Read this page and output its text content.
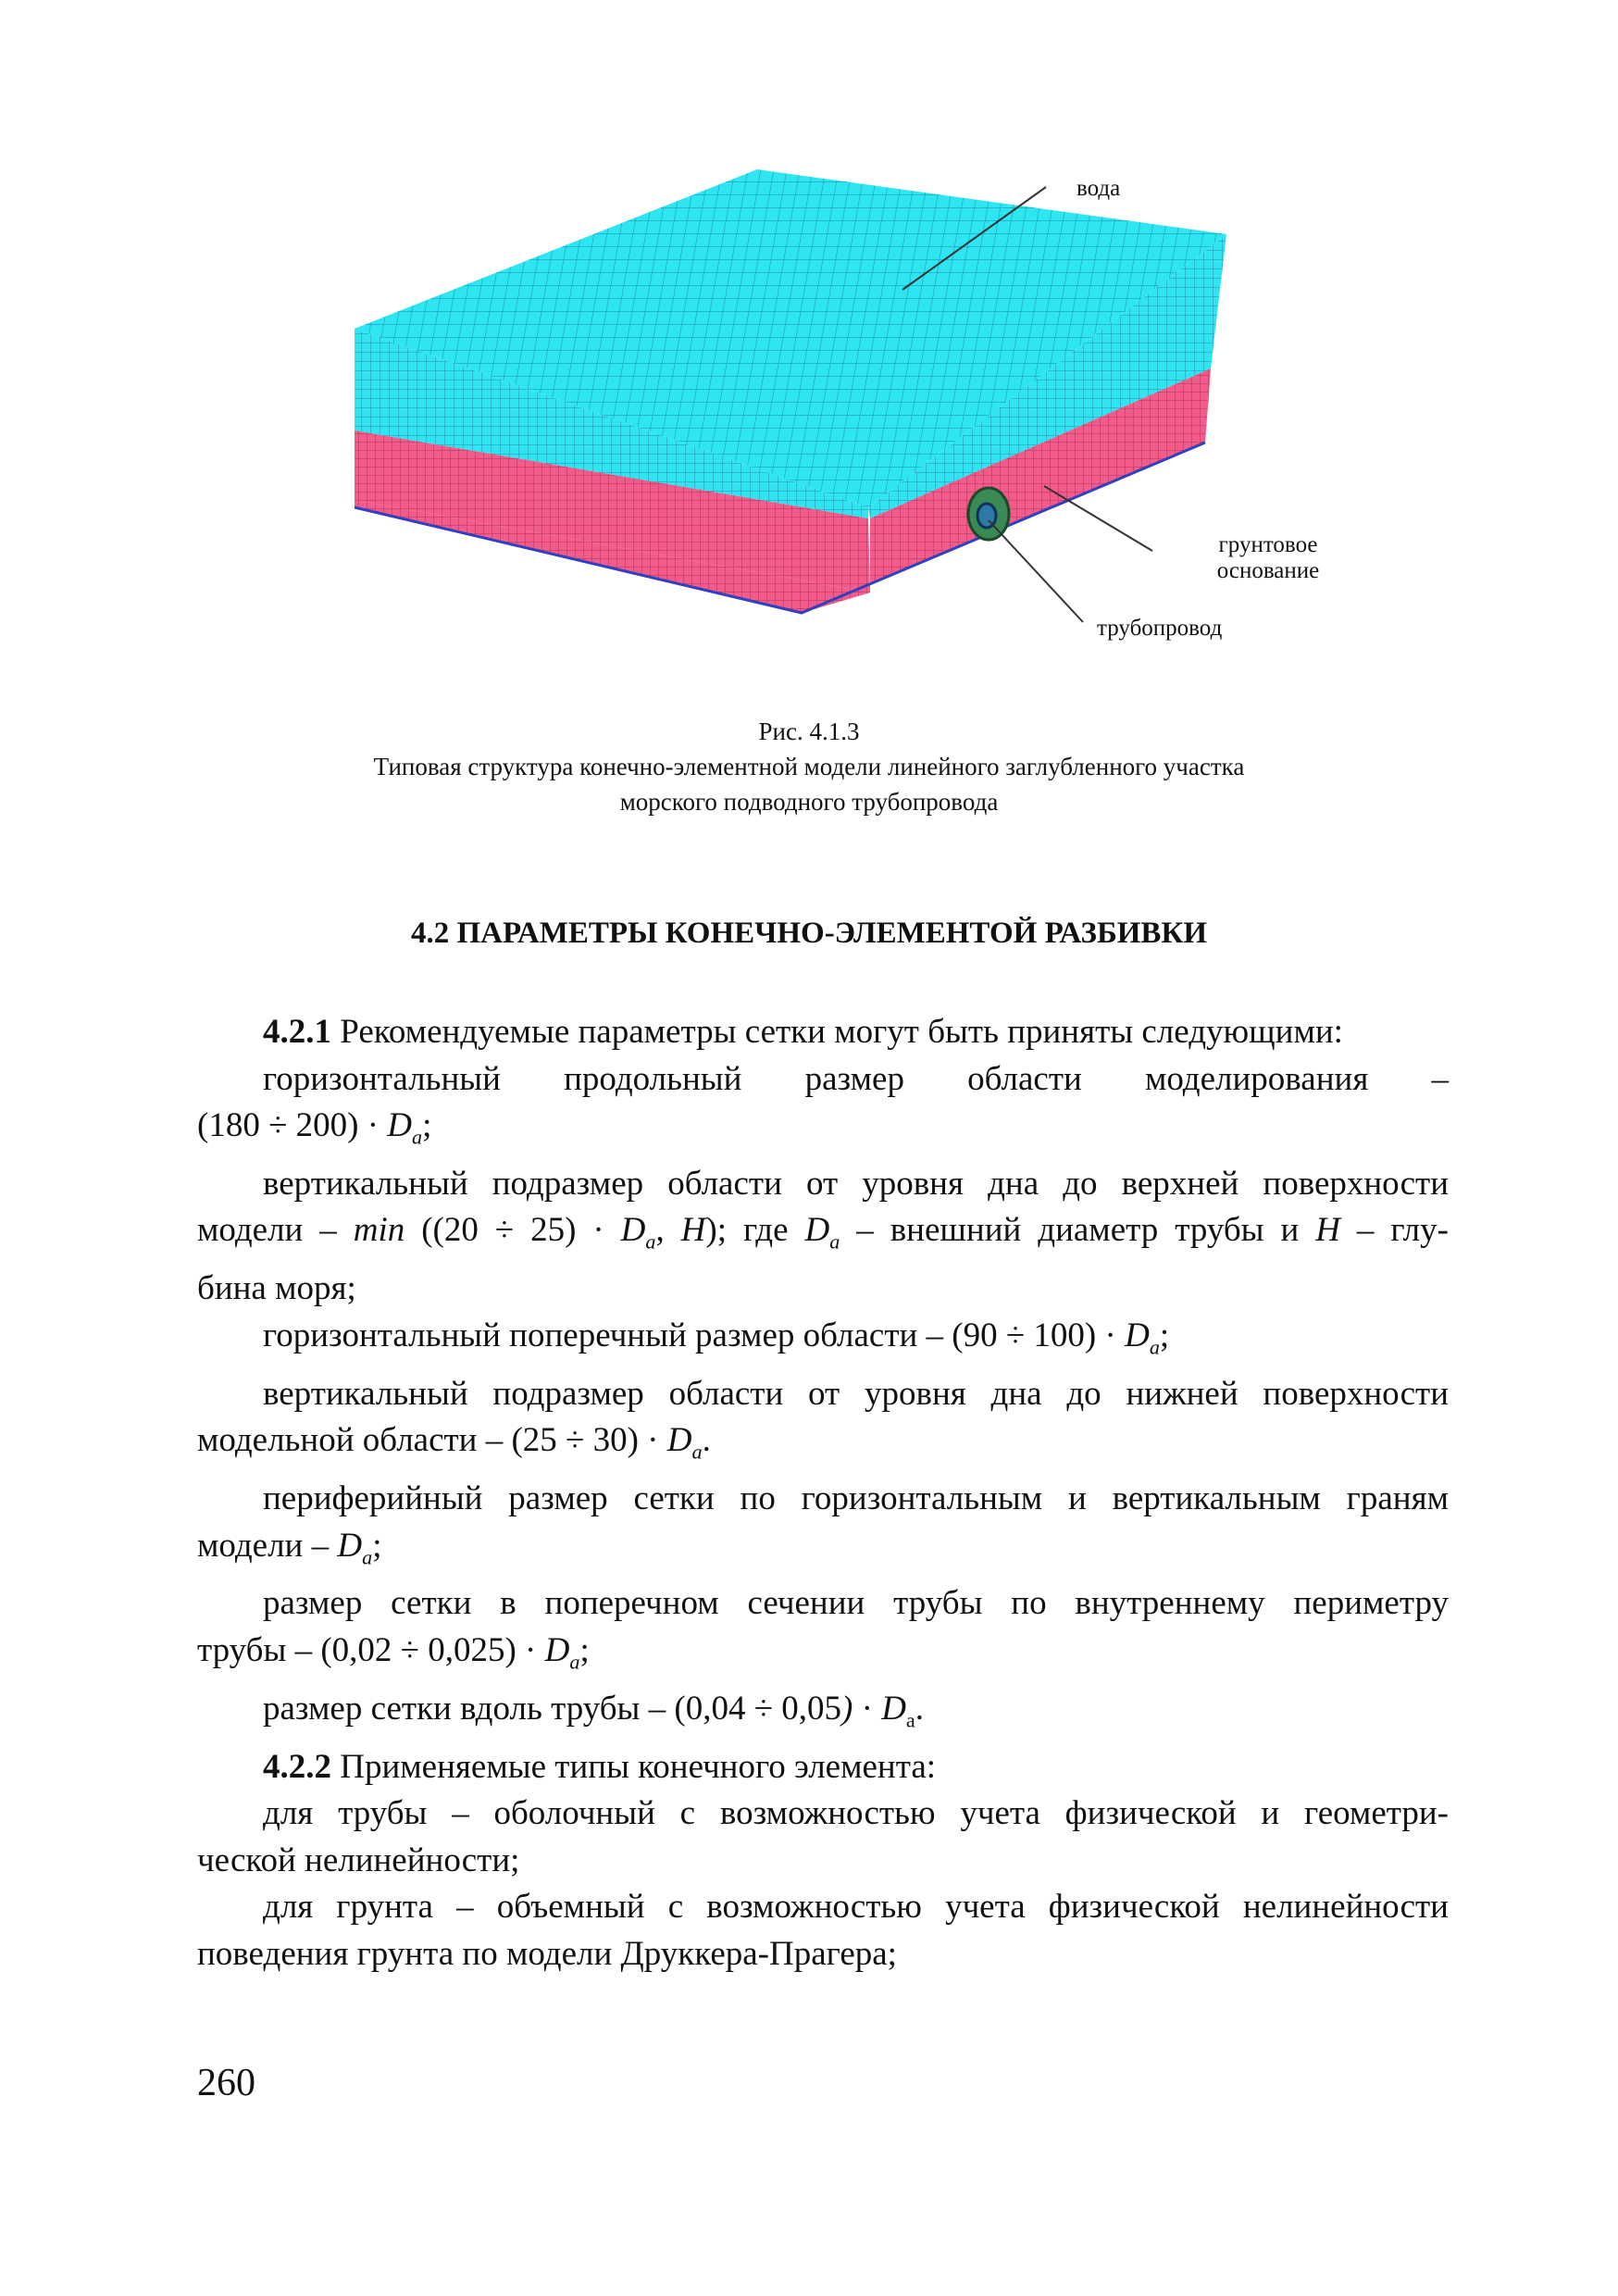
вода
грунтовое основание
трубопровод
Рис. 4.1.3
Типовая структура конечно-элементной модели линейного заглубленного участка
морского подводного трубопровода
4.2 ПАРАМЕТРЫ КОНЕЧНО-ЭЛЕМЕНТОЙ РАЗБИВКИ

4.2.1 Рекомендуемые параметры сетки могут быть приняты следующими:

горизонтальный продольный размер области моделирования –

$(180 \div 200) \cdot D_a$;

вертикальный подразмер области от уровня дна до верхней поверхности

модели – $\min ((20 \div 25) \cdot D_a$, H); где $D_a$ – внешний диаметр трубы и H – глу-

бина моря;

горизонтальный поперечный размер области – $(90 \div 100) \cdot D_a$;

вертикальный подразмер области от уровня дна до нижней поверхности

модельной области – $(25 \div 30) \cdot D_a$.

периферийный размер сетки по горизонтальным и вертикальным граням

модели – $D_a$;

размер сетки в поперечном сечении трубы по внутреннему периметру

трубы – $(0,02 \div 0,025) \cdot D_a$;

размер сетки вдоль трубы – $(0,04 \div 0,05) \cdot D_а$.

4.2.2 Применяемые типы конечного элемента:

для трубы – оболочный с возможностью учета физической и геометри-

ческой нелинейности;

для грунта – объемный с возможностью учета физической нелинейности

поведения грунта по модели Друккера-Прагера;

260
